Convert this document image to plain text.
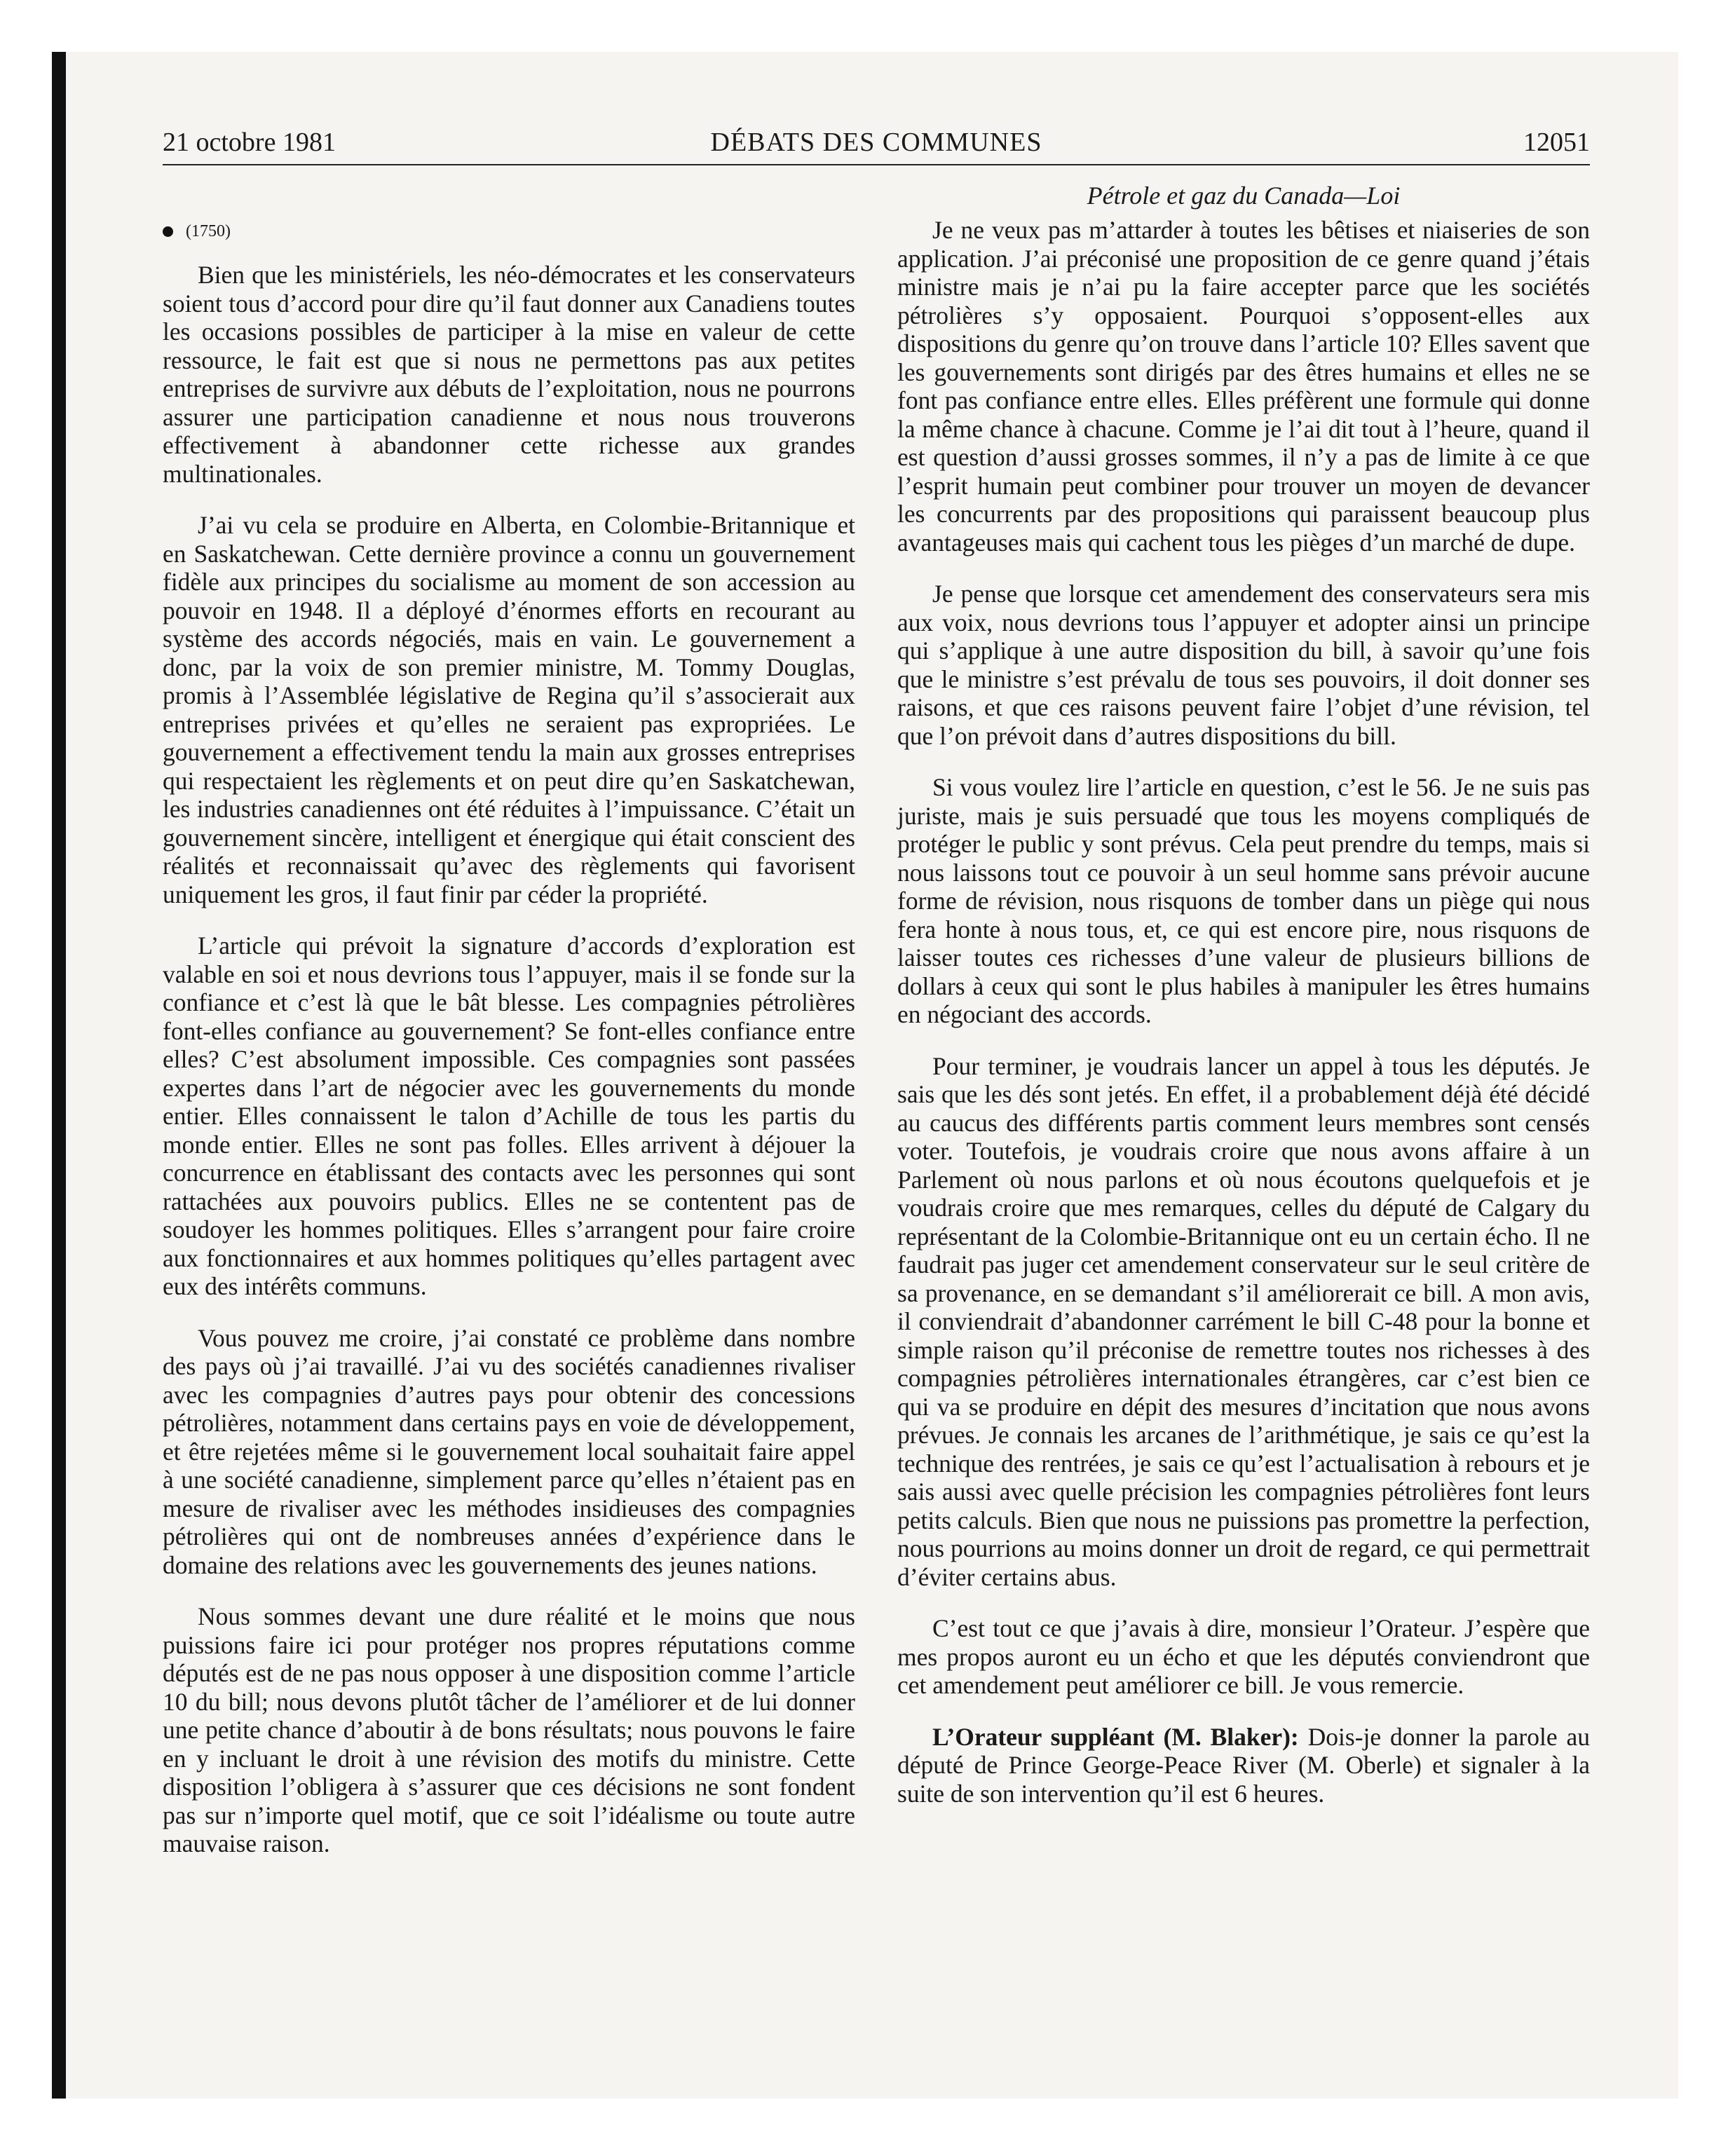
21 octobre 1981	DÉBATS DES COMMUNES	12051
Pétrole et gaz du Canada—Loi
(1750)

Bien que les ministériels, les néo-démocrates et les conservateurs soient tous d’accord pour dire qu’il faut donner aux Canadiens toutes les occasions possibles de participer à la mise en valeur de cette ressource, le fait est que si nous ne permettons pas aux petites entreprises de survivre aux débuts de l’exploitation, nous ne pourrons assurer une participation canadienne et nous nous trouverons effectivement à abandonner cette richesse aux grandes multinationales.

J’ai vu cela se produire en Alberta, en Colombie-Britannique et en Saskatchewan. Cette dernière province a connu un gouvernement fidèle aux principes du socialisme au moment de son accession au pouvoir en 1948. Il a déployé d’énormes efforts en recourant au système des accords négociés, mais en vain. Le gouvernement a donc, par la voix de son premier ministre, M. Tommy Douglas, promis à l’Assemblée législative de Regina qu’il s’associerait aux entreprises privées et qu’elles ne seraient pas expropriées. Le gouvernement a effectivement tendu la main aux grosses entreprises qui respectaient les règlements et on peut dire qu’en Saskatchewan, les industries canadiennes ont été réduites à l’impuissance. C’était un gouvernement sincère, intelligent et énergique qui était conscient des réalités et reconnaissait qu’avec des règlements qui favorisent uniquement les gros, il faut finir par céder la propriété.

L’article qui prévoit la signature d’accords d’exploration est valable en soi et nous devrions tous l’appuyer, mais il se fonde sur la confiance et c’est là que le bât blesse. Les compagnies pétrolières font-elles confiance au gouvernement? Se font-elles confiance entre elles? C’est absolument impossible. Ces compagnies sont passées expertes dans l’art de négocier avec les gouvernements du monde entier. Elles connaissent le talon d’Achille de tous les partis du monde entier. Elles ne sont pas folles. Elles arrivent à déjouer la concurrence en établissant des contacts avec les personnes qui sont rattachées aux pouvoirs publics. Elles ne se contentent pas de soudoyer les hommes politiques. Elles s’arrangent pour faire croire aux fonctionnaires et aux hommes politiques qu’elles partagent avec eux des intérêts communs.

Vous pouvez me croire, j’ai constaté ce problème dans nombre des pays où j’ai travaillé. J’ai vu des sociétés canadiennes rivaliser avec les compagnies d’autres pays pour obtenir des concessions pétrolières, notamment dans certains pays en voie de développement, et être rejetées même si le gouvernement local souhaitait faire appel à une société canadienne, simplement parce qu’elles n’étaient pas en mesure de rivaliser avec les méthodes insidieuses des compagnies pétrolières qui ont de nombreuses années d’expérience dans le domaine des relations avec les gouvernements des jeunes nations.

Nous sommes devant une dure réalité et le moins que nous puissions faire ici pour protéger nos propres réputations comme députés est de ne pas nous opposer à une disposition comme l’article 10 du bill; nous devons plutôt tâcher de l’améliorer et de lui donner une petite chance d’aboutir à de bons résultats; nous pouvons le faire en y incluant le droit à une révision des motifs du ministre. Cette disposition l’obligera à s’assurer que ces décisions ne sont fondent pas sur n’importe quel motif, que ce soit l’idéalisme ou toute autre mauvaise raison.

Je ne veux pas m’attarder à toutes les bêtises et niaiseries de son application. J’ai préconisé une proposition de ce genre quand j’étais ministre mais je n’ai pu la faire accepter parce que les sociétés pétrolières s’y opposaient. Pourquoi s’opposent-elles aux dispositions du genre qu’on trouve dans l’article 10? Elles savent que les gouvernements sont dirigés par des êtres humains et elles ne se font pas confiance entre elles. Elles préfèrent une formule qui donne la même chance à chacune. Comme je l’ai dit tout à l’heure, quand il est question d’aussi grosses sommes, il n’y a pas de limite à ce que l’esprit humain peut combiner pour trouver un moyen de devancer les concurrents par des propositions qui paraissent beaucoup plus avantageuses mais qui cachent tous les pièges d’un marché de dupe.

Je pense que lorsque cet amendement des conservateurs sera mis aux voix, nous devrions tous l’appuyer et adopter ainsi un principe qui s’applique à une autre disposition du bill, à savoir qu’une fois que le ministre s’est prévalu de tous ses pouvoirs, il doit donner ses raisons, et que ces raisons peuvent faire l’objet d’une révision, tel que l’on prévoit dans d’autres dispositions du bill.

Si vous voulez lire l’article en question, c’est le 56. Je ne suis pas juriste, mais je suis persuadé que tous les moyens compliqués de protéger le public y sont prévus. Cela peut prendre du temps, mais si nous laissons tout ce pouvoir à un seul homme sans prévoir aucune forme de révision, nous risquons de tomber dans un piège qui nous fera honte à nous tous, et, ce qui est encore pire, nous risquons de laisser toutes ces richesses d’une valeur de plusieurs billions de dollars à ceux qui sont le plus habiles à manipuler les êtres humains en négociant des accords.

Pour terminer, je voudrais lancer un appel à tous les députés. Je sais que les dés sont jetés. En effet, il a probablement déjà été décidé au caucus des différents partis comment leurs membres sont censés voter. Toutefois, je voudrais croire que nous avons affaire à un Parlement où nous parlons et où nous écoutons quelquefois et je voudrais croire que mes remarques, celles du député de Calgary du représentant de la Colombie-Britannique ont eu un certain écho. Il ne faudrait pas juger cet amendement conservateur sur le seul critère de sa provenance, en se demandant s’il améliorerait ce bill. A mon avis, il conviendrait d’abandonner carrément le bill C-48 pour la bonne et simple raison qu’il préconise de remettre toutes nos richesses à des compagnies pétrolières internationales étrangères, car c’est bien ce qui va se produire en dépit des mesures d’incitation que nous avons prévues. Je connais les arcanes de l’arithmétique, je sais ce qu’est la technique des rentrées, je sais ce qu’est l’actualisation à rebours et je sais aussi avec quelle précision les compagnies pétrolières font leurs petits calculs. Bien que nous ne puissions pas promettre la perfection, nous pourrions au moins donner un droit de regard, ce qui permettrait d’éviter certains abus.

C’est tout ce que j’avais à dire, monsieur l’Orateur. J’espère que mes propos auront eu un écho et que les députés conviendront que cet amendement peut améliorer ce bill. Je vous remercie.

L’Orateur suppléant (M. Blaker): Dois-je donner la parole au député de Prince George-Peace River (M. Oberle) et signaler à la suite de son intervention qu’il est 6 heures.
